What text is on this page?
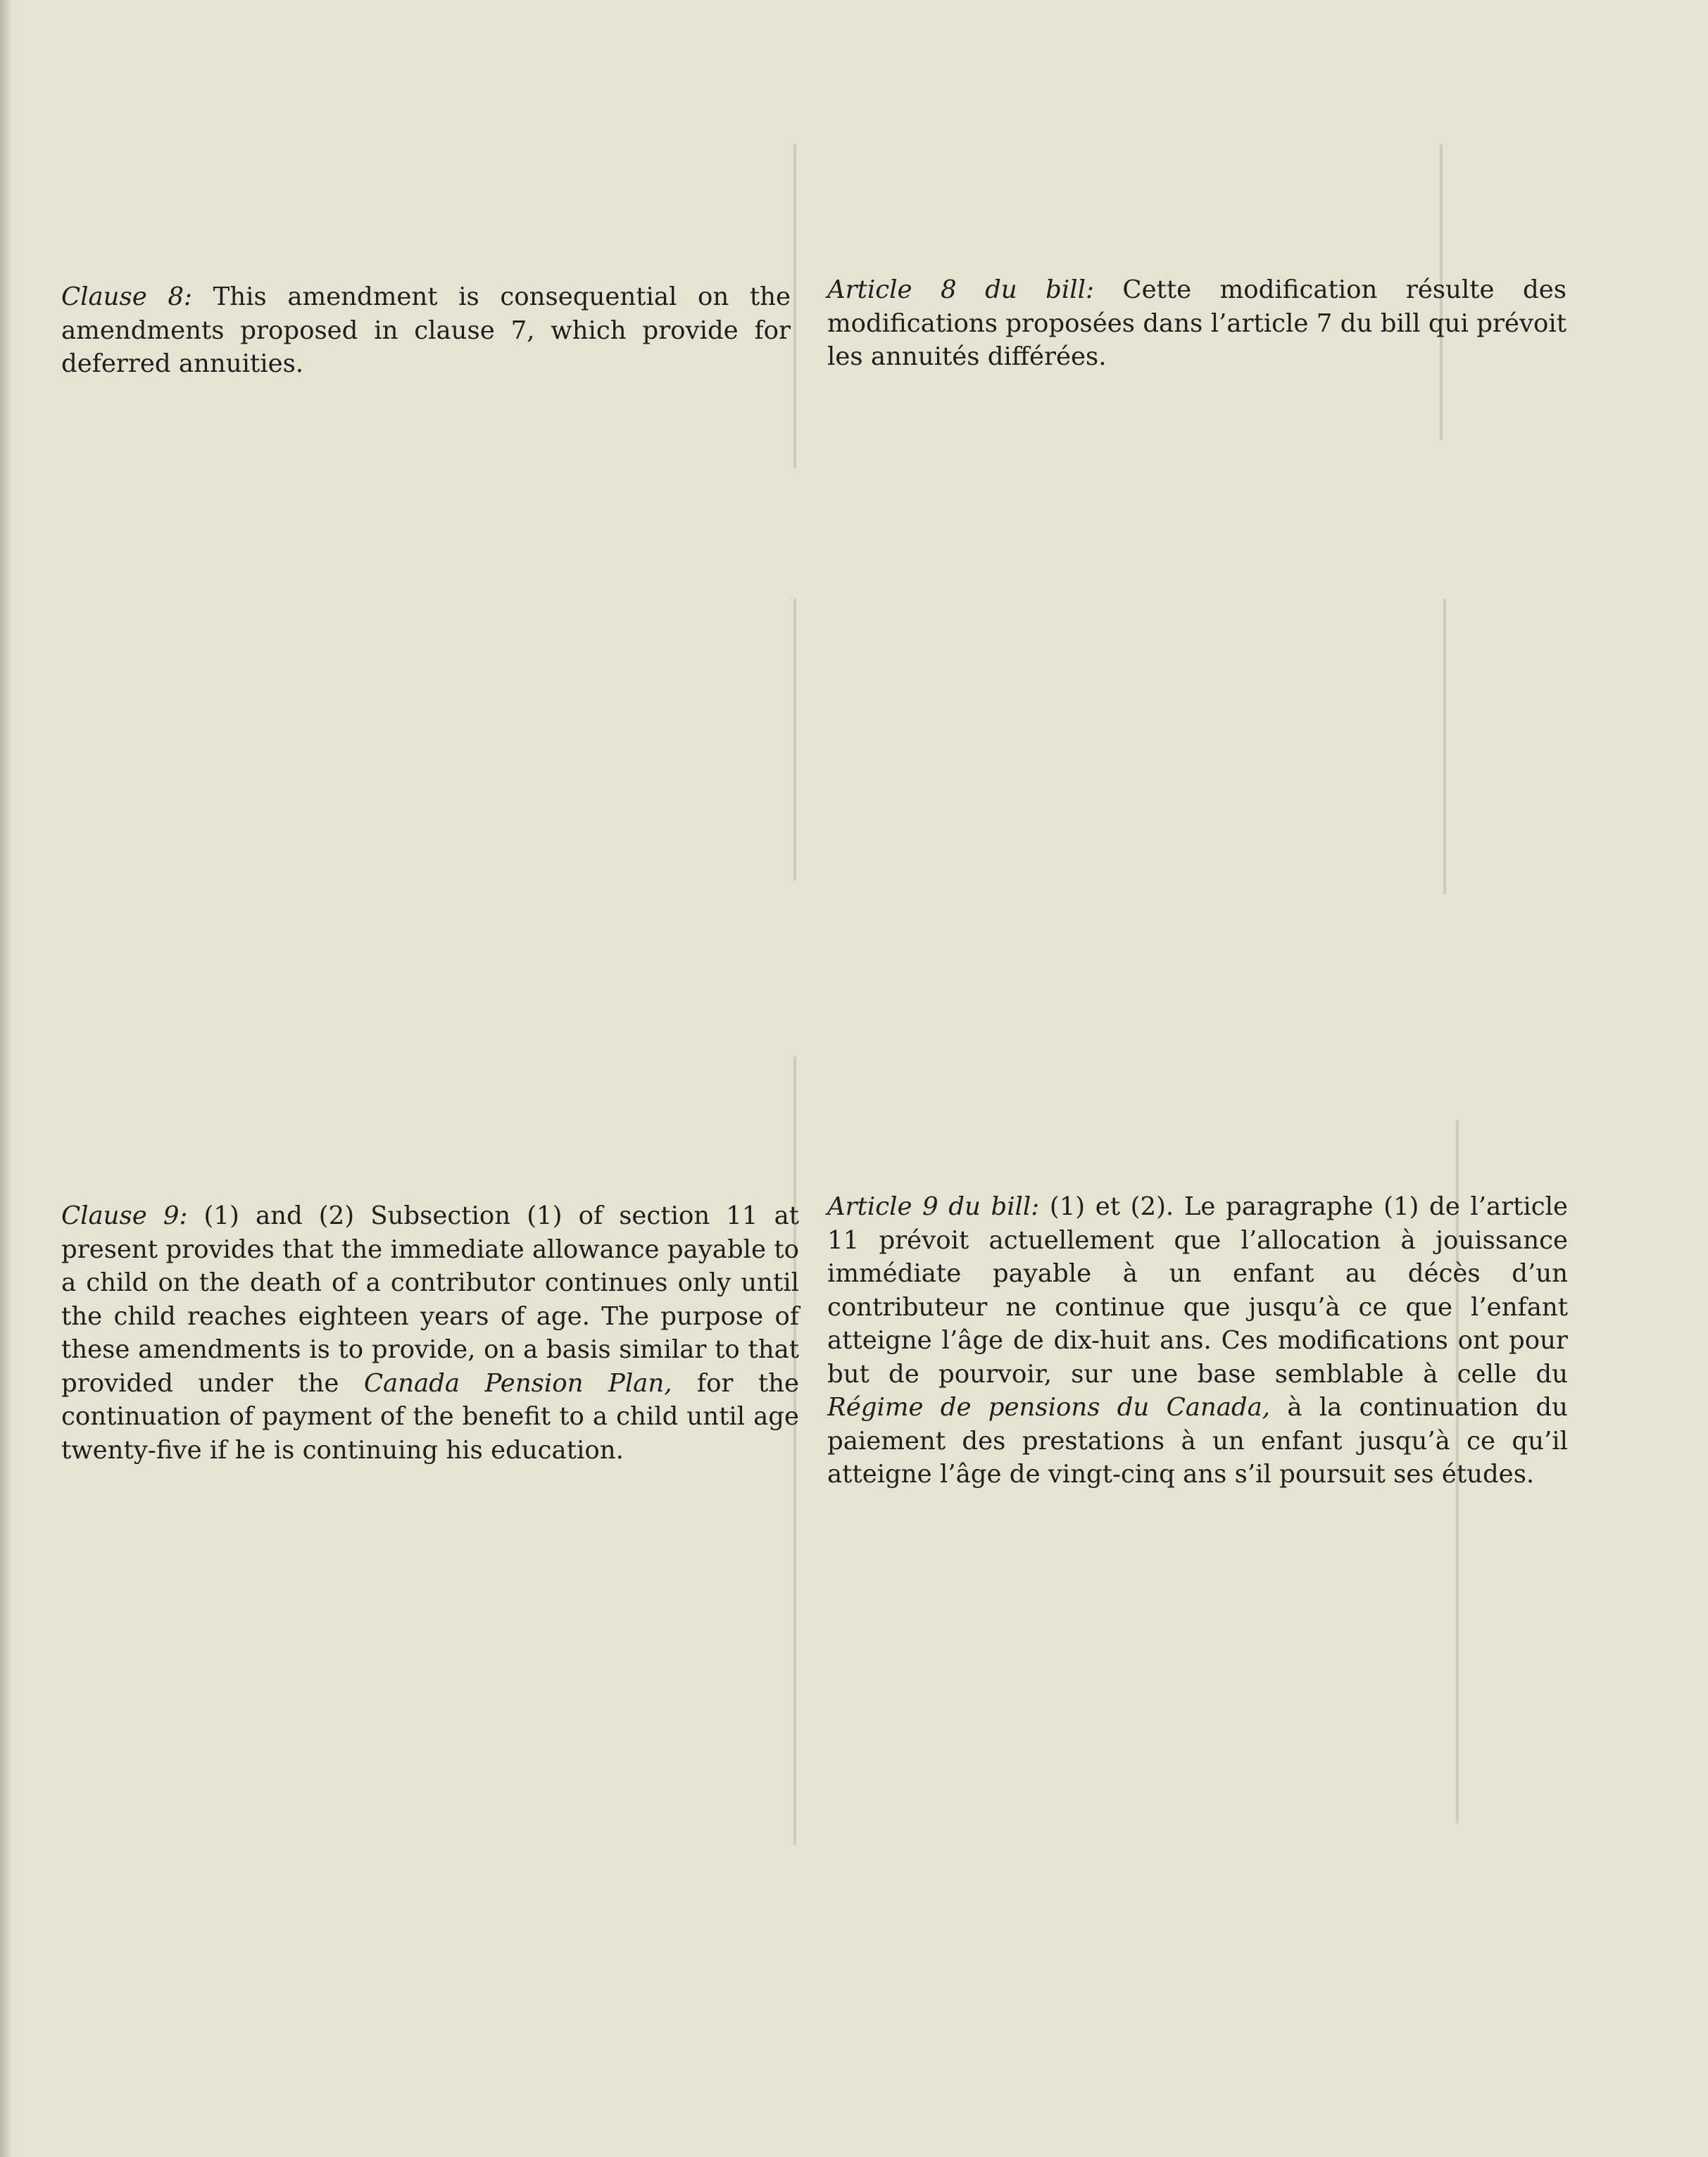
Clause 8: This amendment is consequential on the amendments proposed in clause 7, which provide for deferred annuities.
Article 8 du bill: Cette modification résulte des modifications proposées dans l’article 7 du bill qui prévoit les annuités différées.
Clause 9: (1) and (2) Subsection (1) of section 11 at present provides that the immediate allowance payable to a child on the death of a contributor continues only until the child reaches eighteen years of age. The purpose of these amendments is to provide, on a basis similar to that provided under the Canada Pension Plan, for the continuation of payment of the benefit to a child until age twenty-five if he is continuing his education.
Article 9 du bill: (1) et (2). Le paragraphe (1) de l’article 11 prévoit actuellement que l’allocation à jouissance immédiate payable à un enfant au décès d’un contributeur ne continue que jusqu’à ce que l’enfant atteigne l’âge de dix-huit ans. Ces modifications ont pour but de pourvoir, sur une base semblable à celle du Régime de pensions du Canada, à la continuation du paiement des prestations à un enfant jusqu’à ce qu’il atteigne l’âge de vingt-cinq ans s’il poursuit ses études.
